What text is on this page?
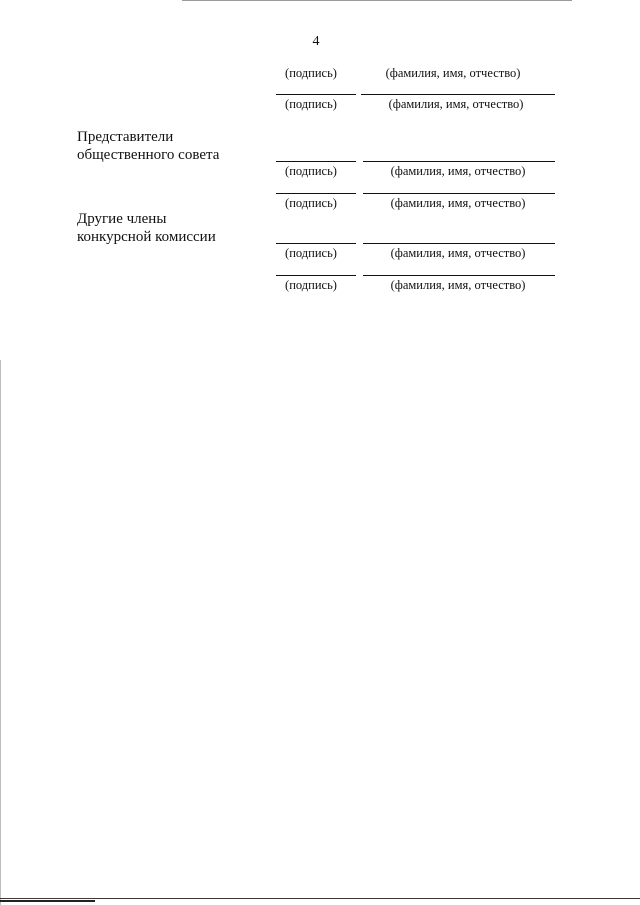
4
(подпись)	(фамилия, имя, отчество)
(подпись)	(фамилия, имя, отчество)
Представители
общественного совета
(подпись)	(фамилия, имя, отчество)
(подпись)	(фамилия, имя, отчество)
Другие члены
конкурсной комиссии
(подпись)	(фамилия, имя, отчество)
(подпись)	(фамилия, имя, отчество)
